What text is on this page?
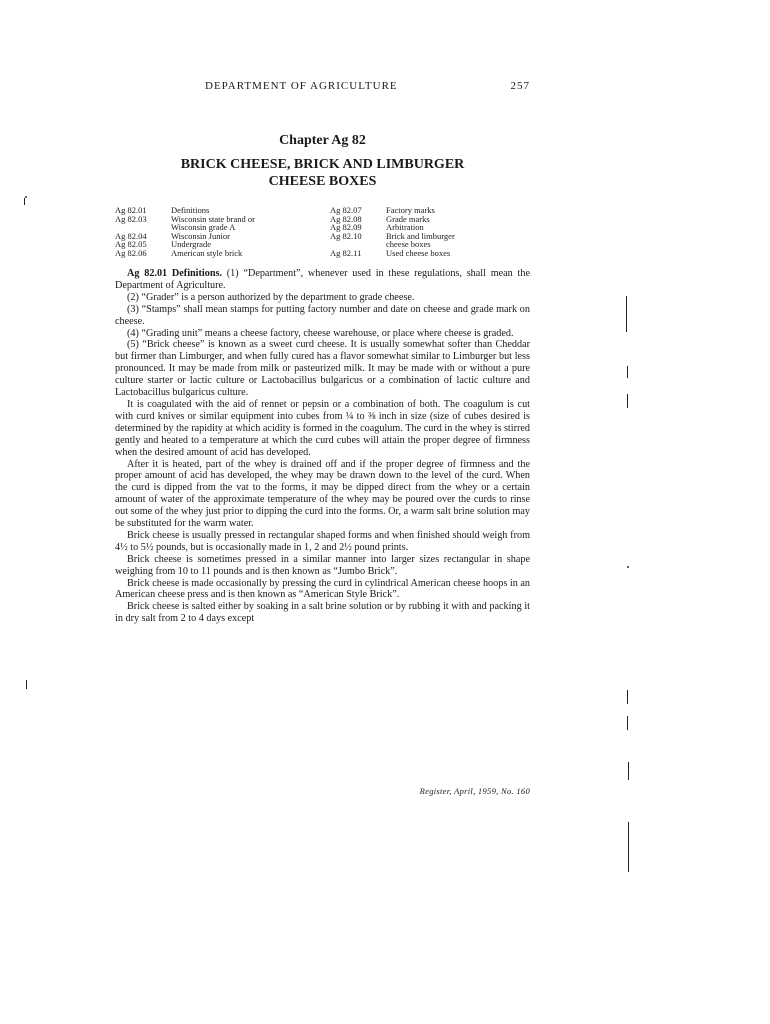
DEPARTMENT OF AGRICULTURE	257
Chapter Ag 82
BRICK CHEESE, BRICK AND LIMBURGER
CHEESE BOXES
Ag 82.01	Definitions
Ag 82.03	Wisconsin state brand or
Wisconsin grade A
Ag 82.04	Wisconsin Junior
Ag 82.05	Undergrade
Ag 82.06	American style brick
Ag 82.07	Factory marks
Ag 82.08	Grade marks
Ag 82.09	Arbitration
Ag 82.10	Brick and limburger
cheese boxes
Ag 82.11	Used cheese boxes

Ag 82.01 Definitions. (1) “Department”, whenever used in these regulations, shall mean the Department of Agriculture.

(2) “Grader” is a person authorized by the department to grade cheese.

(3) “Stamps” shall mean stamps for putting factory number and date on cheese and grade mark on cheese.

(4) “Grading unit” means a cheese factory, cheese warehouse, or place where cheese is graded.

(5) “Brick cheese” is known as a sweet curd cheese. It is usually somewhat softer than Cheddar but firmer than Limburger, and when fully cured has a flavor somewhat similar to Limburger but less pronounced. It may be made from milk or pasteurized milk. It may be made with or without a pure culture starter or lactic culture or Lactobacillus bulgaricus or a combination of lactic culture and Lactobacillus bulgaricus culture.

It is coagulated with the aid of rennet or pepsin or a combination of both. The coagulum is cut with curd knives or similar equipment into cubes from ¼ to ⅜ inch in size (size of cubes desired is determined by the rapidity at which acidity is formed in the coagulum. The curd in the whey is stirred gently and heated to a temperature at which the curd cubes will attain the proper degree of firmness when the desired amount of acid has developed.

After it is heated, part of the whey is drained off and if the proper degree of firmness and the proper amount of acid has developed, the whey may be drawn down to the level of the curd. When the curd is dipped from the vat to the forms, it may be dipped direct from the whey or a certain amount of water of the approximate temperature of the whey may be poured over the curds to rinse out some of the whey just prior to dipping the curd into the forms. Or, a warm salt brine solution may be substituted for the warm water.

Brick cheese is usually pressed in rectangular shaped forms and when finished should weigh from 4½ to 5½ pounds, but is occasionally made in 1, 2 and 2½ pound prints.

Brick cheese is sometimes pressed in a similar manner into larger sizes rectangular in shape weighing from 10 to 11 pounds and is then known as “Jumbo Brick”.

Brick cheese is made occasionally by pressing the curd in cylindrical American cheese hoops in an American cheese press and is then known as “American Style Brick”.

Brick cheese is salted either by soaking in a salt brine solution or by rubbing it with and packing it in dry salt from 2 to 4 days except

Register, April, 1959, No. 160
